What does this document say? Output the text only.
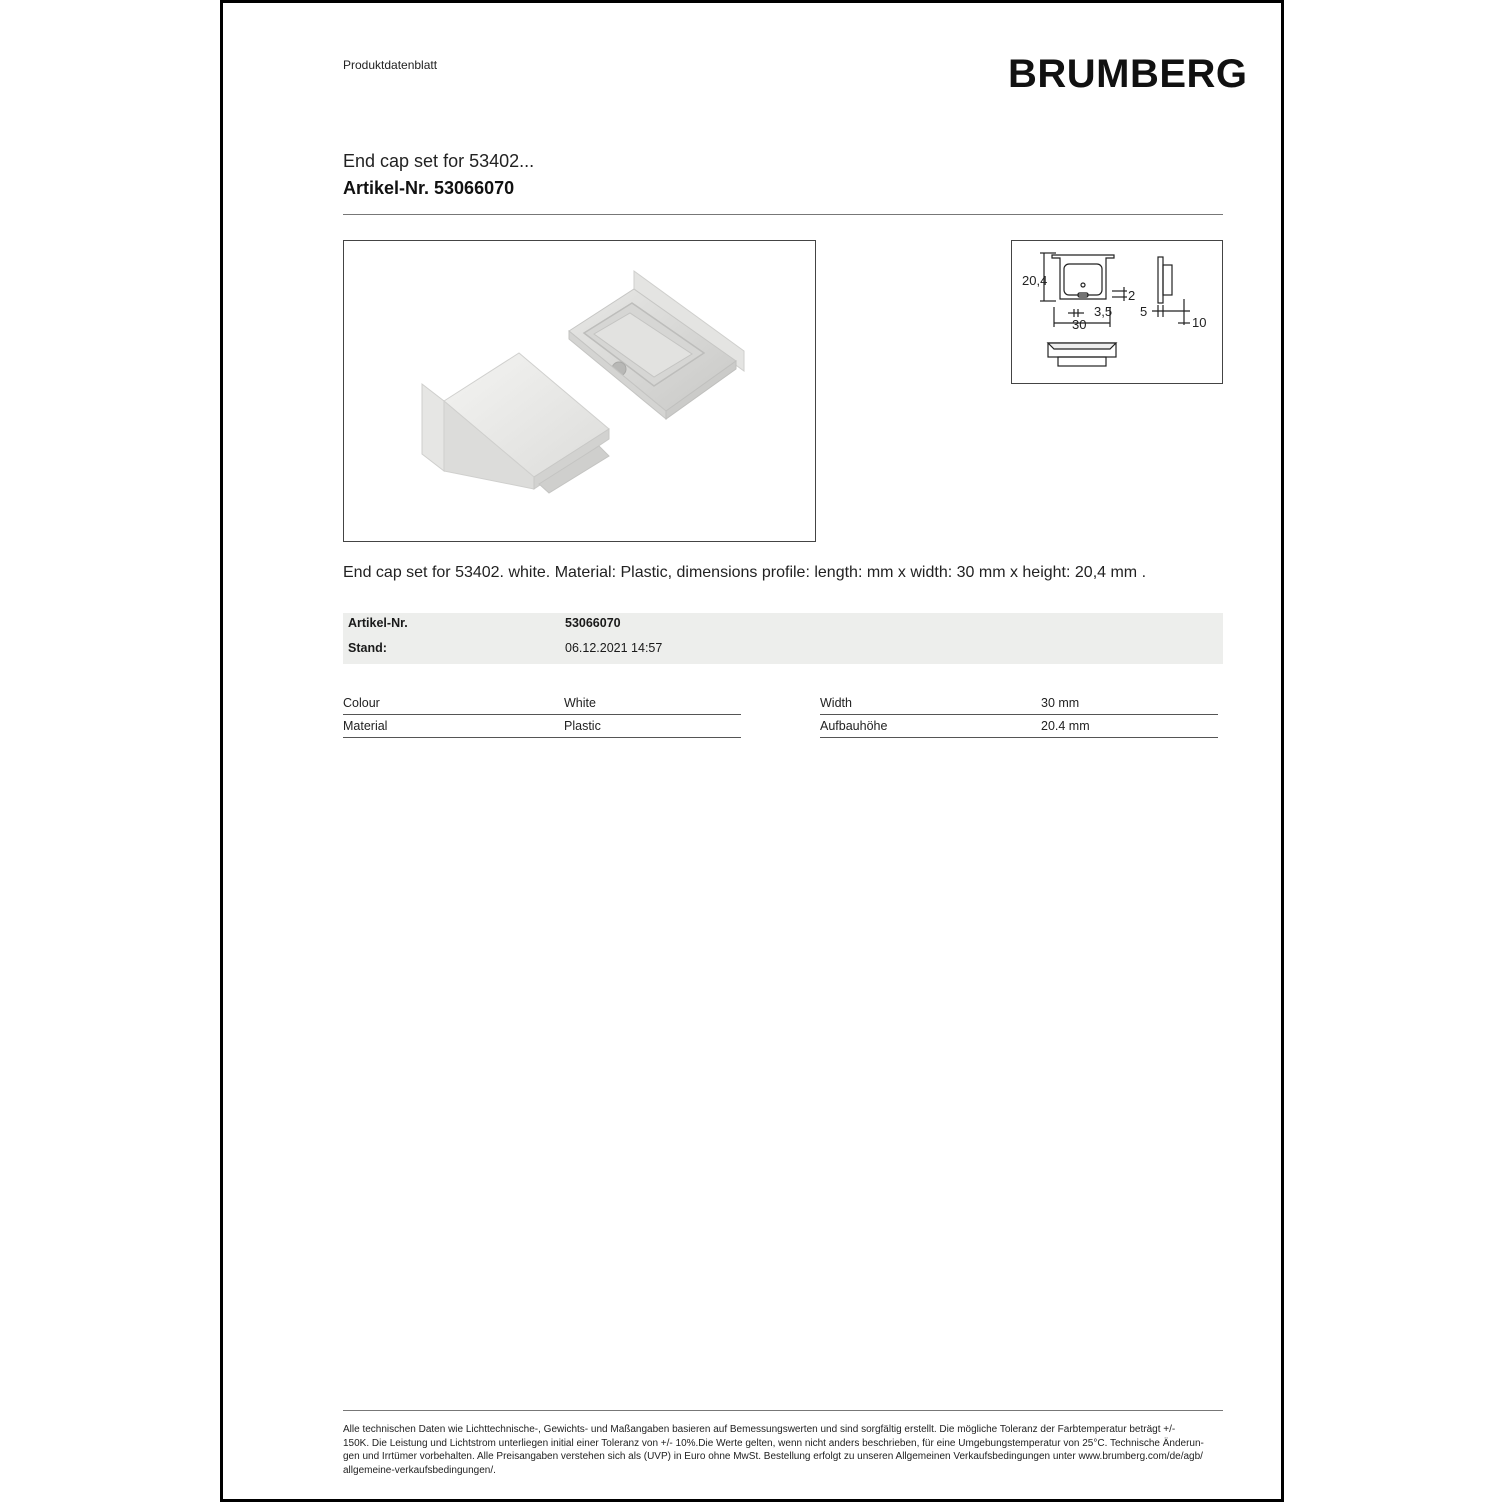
Produktdatenblatt	BRUMBERG
End cap set for 53402...
Artikel-Nr. 53066070
20,4
2
3,5
30
5
10
End cap set for 53402. white. Material: Plastic, dimensions profile: length: mm x width: 30 mm x height: 20,4 mm .
Artikel-Nr.	53066070
Stand:	06.12.2021 14:57
Colour	White
Material	Plastic
Width	30 mm
Aufbauhöhe	20.4 mm
Alle technischen Daten wie Lichttechnische-, Gewichts- und Maßangaben basieren auf Bemessungswerten und sind sorgfältig erstellt. Die mögliche Toleranz der Farbtemperatur beträgt +/-
150K. Die Leistung und Lichtstrom unterliegen initial einer Toleranz von +/- 10%.Die Werte gelten, wenn nicht anders beschrieben, für eine Umgebungstemperatur von 25°C. Technische Änderun-
gen und Irrtümer vorbehalten. Alle Preisangaben verstehen sich als (UVP) in Euro ohne MwSt. Bestellung erfolgt zu unseren Allgemeinen Verkaufsbedingungen unter www.brumberg.com/de/agb/
allgemeine-verkaufsbedingungen/.
